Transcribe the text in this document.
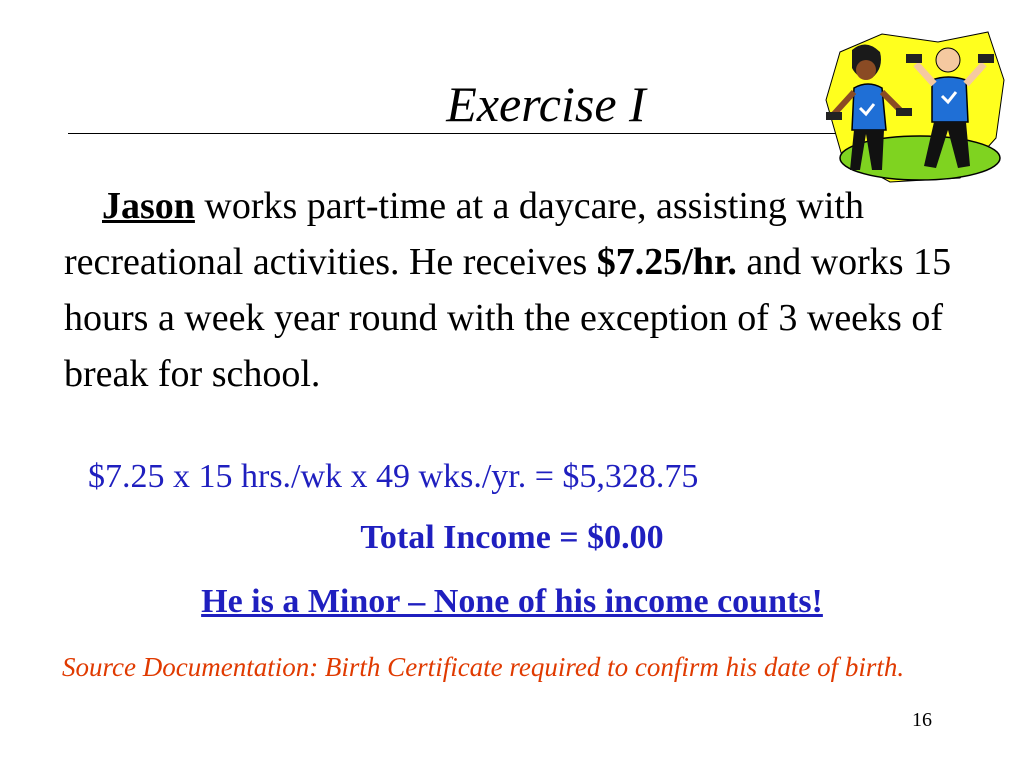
Exercise I

Jason works part-time at a daycare, assisting with recreational activities. He receives $7.25/hr. and works 15 hours a week year round with the exception of 3 weeks of break for school.

$7.25 x 15 hrs./wk x 49 wks./yr. = $5,328.75

Total Income = $0.00

He is a Minor – None of his income counts!

Source Documentation: Birth Certificate required to confirm his date of birth.

16
